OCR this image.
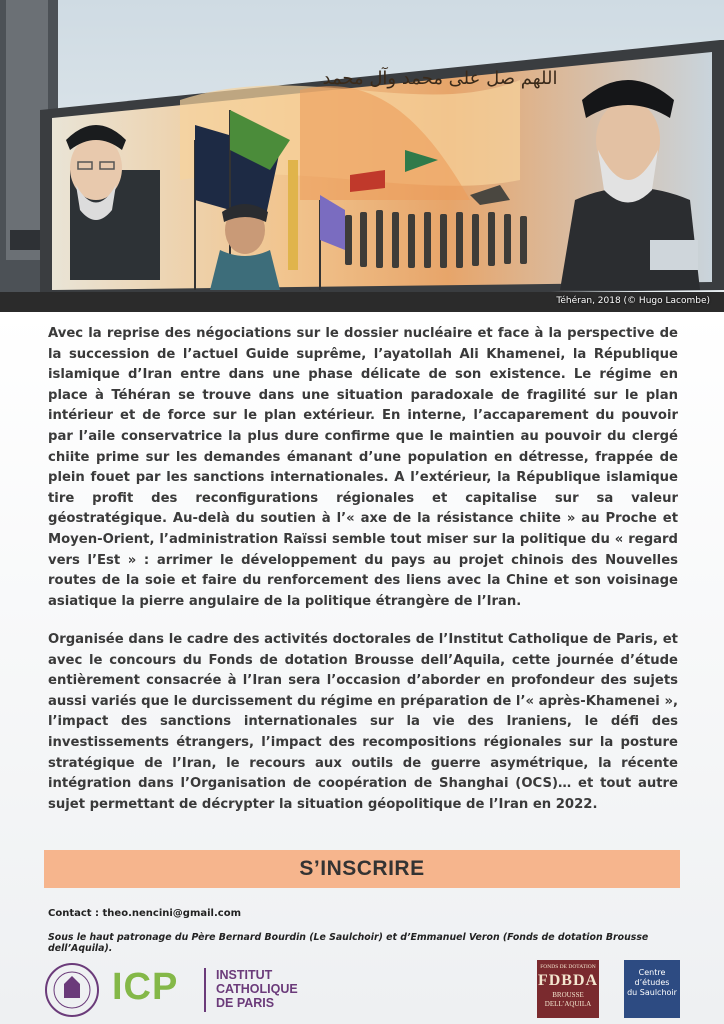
اللهم صل على محمد وآل محمد
Téhéran, 2018 (© Hugo Lacombe)

Avec la reprise des négociations sur le dossier nucléaire et face à la perspective de la succession de l’actuel Guide suprême, l’ayatollah Ali Khamenei, la République islamique d’Iran entre dans une phase délicate de son existence. Le régime en place à Téhéran se trouve dans une situation paradoxale de fragilité sur le plan intérieur et de force sur le plan extérieur. En interne, l’accaparement du pouvoir par l’aile conservatrice la plus dure confirme que le maintien au pouvoir du clergé chiite prime sur les demandes émanant d’une population en détresse, frappée de plein fouet par les sanctions internationales. A l’extérieur, la République islamique tire profit des reconfigurations régionales et capitalise sur sa valeur géostratégique. Au-delà du soutien à l’« axe de la résistance chiite » au Proche et Moyen-Orient, l’administration Raïssi semble tout miser sur la politique du « regard vers l’Est » : arrimer le développement du pays au projet chinois des Nouvelles routes de la soie et faire du renforcement des liens avec la Chine et son voisinage asiatique la pierre angulaire de la politique étrangère de l’Iran.

Organisée dans le cadre des activités doctorales de l’Institut Catholique de Paris, et avec le concours du Fonds de dotation Brousse dell’Aquila, cette journée d’étude entièrement consacrée à l’Iran sera l’occasion d’aborder en profondeur des sujets aussi variés que le durcissement du régime en préparation de l’« après-Khamenei », l’impact des sanctions internationales sur la vie des Iraniens, le défi des investissements étrangers, l’impact des recompositions régionales sur la posture stratégique de l’Iran, le recours aux outils de guerre asymétrique, la récente intégration dans l’Organisation de coopération de Shanghai (OCS)… et tout autre sujet permettant de décrypter la situation géopolitique de l’Iran en 2022.

S’INSCRIRE
Contact : theo.nencini@gmail.com
Sous le haut patronage du Père Bernard Bourdin (Le Saulchoir) et d’Emmanuel Veron (Fonds de dotation Brousse dell’Aquila).
ICP	INSTITUT
CATHOLIQUE
DE PARIS
FONDS DE DOTATION
FDBDA
BROUSSE
DELL’AQUILA
Centre
d’études
du Saulchoir
